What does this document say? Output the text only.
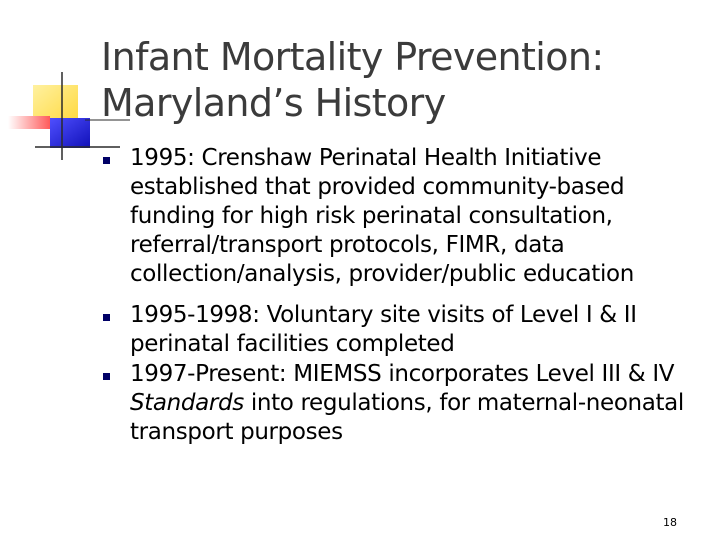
Infant Mortality Prevention:
Maryland’s History
1995: Crenshaw Perinatal Health Initiative established that provided community-based funding for high risk perinatal consultation, referral/transport protocols, FIMR, data collection/analysis, provider/public education
1995-1998: Voluntary site visits of Level I & II perinatal facilities completed
1997-Present: MIEMSS incorporates Level III & IV Standards into regulations, for maternal-neonatal transport purposes
18
